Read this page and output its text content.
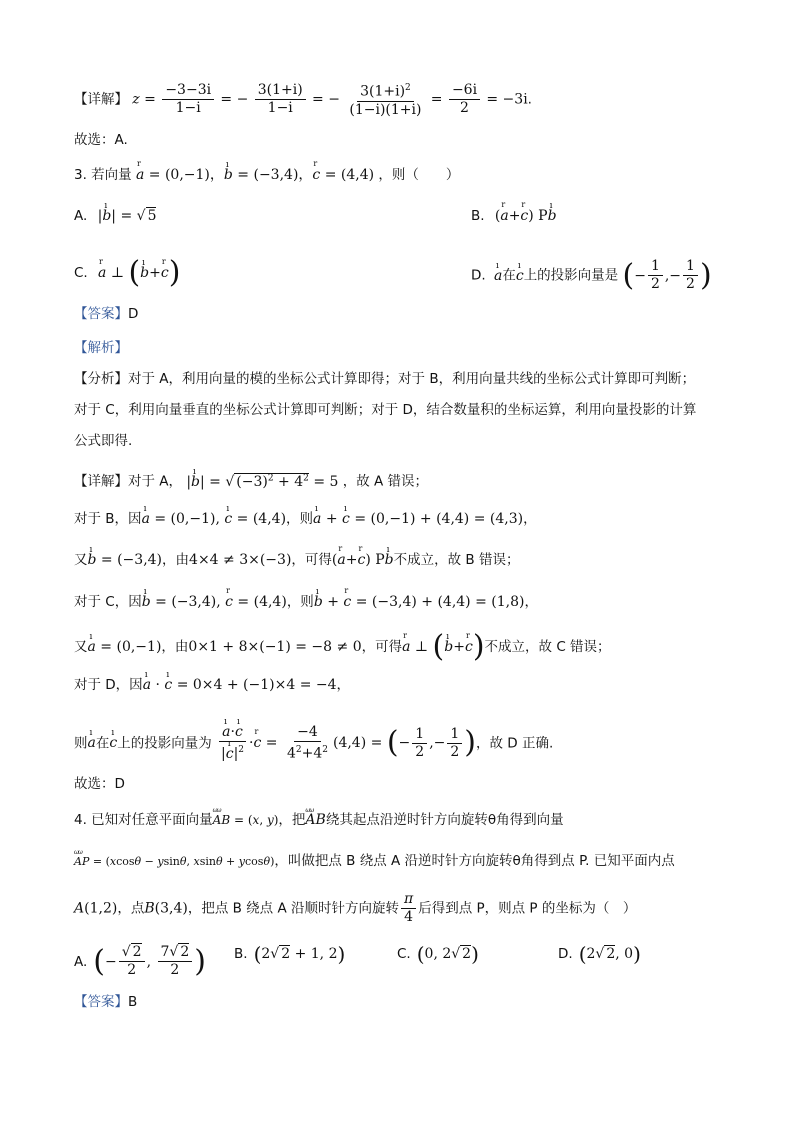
【详解】 $z = \frac{-3-3i}{1-i}$ = − $\frac{3(1+i)}{1-i}$ = − $\frac{3(1+i)^2}{(1-i)(1+i)} = \frac{-6i}{2} = -3i$.
故选：A.
3. 若向量 r a = (0,−1)，ı b = (−3,4)，r c = (4,4) ，则（　　）
A. |ı b| = √ 5	B. (r a+r c) Pı b
C. r a ⊥ (ı b+r c)	D. ı a在ı c上的投影向量是 (− $\frac{1}{2}$ ,− $\frac{1}{2}$ )
【答案】D
【解析】
【分析】对于 A，利用向量的模的坐标公式计算即得；对于 B，利用向量共线的坐标公式计算即可判断；
对于 C，利用向量垂直的坐标公式计算即可判断；对于 D，结合数量积的坐标运算，利用向量投影的计算
公式即得.
【详解】对于 A， |ı b| = √ $(-3)^2 + 4^2 = 5$ ，故 A 错误；
对于 B，因ı a = (0,−1), ı c = (4,4)，则ı a + ı c = (0,−1) + (4,4) = (4,3)，
又ı b = (−3,4)，由4×4 ≠ 3×(−3)，可得(r a+r c) Pı b不成立，故 B 错误；
对于 C，因ı b = (−3,4), r c = (4,4)，则ı b + r c = (−3,4) + (4,4) = (1,8)，
又ı a = (0,−1)，由0×1 + 8×(−1) = −8 ≠ 0，可得r a ⊥ (ı b+r c)不成立，故 C 错误；
对于 D，因ı a · ı c = 0×4 + (−1)×4 = −4，
则ı a在ı c上的投影向量为 ı $\frac{\text{a·ı c}}{|ı c|^2} \cdot r$ $c = \frac{-4}{4^2+4^2} (4,4)$ = (− $\frac{1}{2}$ ,− $\frac{1}{2}$ )，故 D 正确.
故选：D
4. 已知对任意平面向量ωω AB = (x, y)，把ωω AB绕其起点沿逆时针方向旋转θ角得到向量
ωω AP = (xcosθ − ysinθ, xsinθ + ycosθ)，叫做把点 B 绕点 A 沿逆时针方向旋转θ角得到点 P. 已知平面内点
A(1,2)，点B(3,4)，把点 B 绕点 A 沿顺时针方向旋转 $\frac{\pi}{4}$ 后得到点 P，则点 P 的坐标为（　）
A. (− $\frac{√ 2}{2}$ , $\frac{7√ 2}{2}$ ) B. (2√ 2 + 1, 2)	C. (0, 2√ 2)	D. (2√ 2, 0)
【答案】B
